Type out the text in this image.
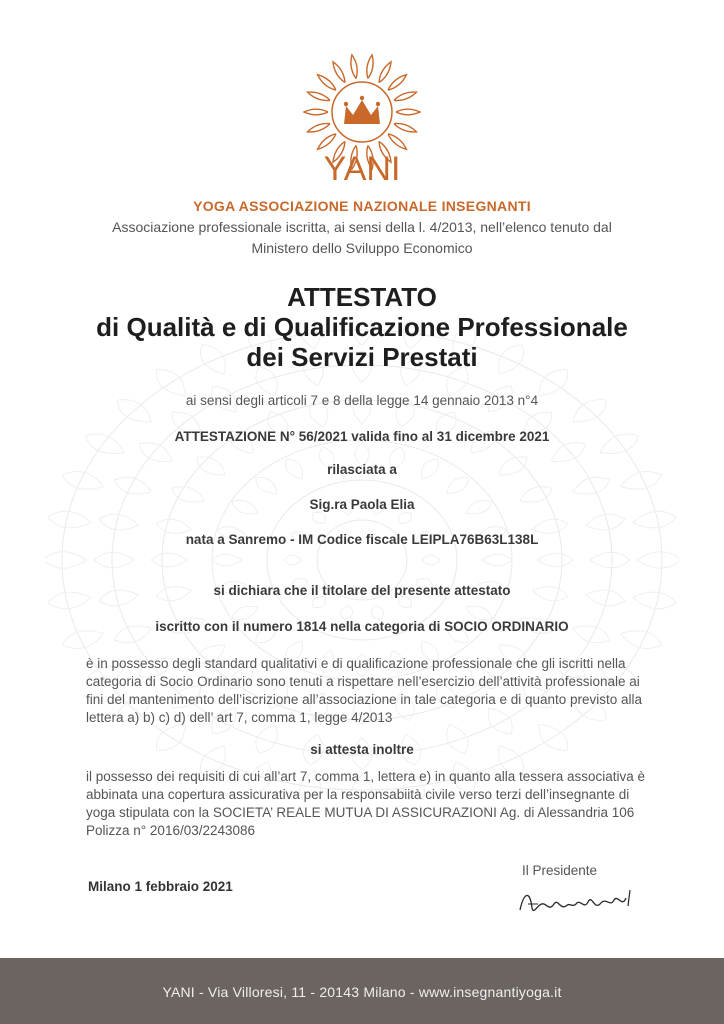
YANI
YOGA ASSOCIAZIONE NAZIONALE INSEGNANTI
Associazione professionale iscritta, ai sensi della l. 4/2013, nell’elenco tenuto dal
Ministero dello Sviluppo Economico
ATTESTATO
di Qualità e di Qualificazione Professionale
dei Servizi Prestati
ai sensi degli articoli 7 e 8 della legge 14 gennaio 2013 n°4
ATTESTAZIONE N° 56/2021 valida fino al 31 dicembre 2021
rilasciata a
Sig.ra Paola Elia
nata a Sanremo - IM Codice fiscale LEIPLA76B63L138L
si dichiara che il titolare del presente attestato
iscritto con il numero 1814 nella categoria di SOCIO ORDINARIO
è in possesso degli standard qualitativi e di qualificazione professionale che gli iscritti nella categoria di Socio Ordinario sono tenuti a rispettare nell’esercizio dell’attività professionale ai fini del mantenimento dell’iscrizione all’associazione in tale categoria e di quanto previsto alla lettera a) b) c) d) dell’ art 7, comma 1, legge 4/2013
si attesta inoltre
il possesso dei requisiti di cui all’art 7, comma 1, lettera e) in quanto alla tessera associativa è abbinata una copertura assicurativa per la responsabiità civile verso terzi dell’insegnante di yoga stipulata con la SOCIETA’ REALE MUTUA DI ASSICURAZIONI Ag. di Alessandria 106 Polizza n° 2016/03/2243086
Milano 1 febbraio 2021
Il Presidente
YANI - Via Villoresi, 11 - 20143 Milano - www.insegnantiyoga.it
